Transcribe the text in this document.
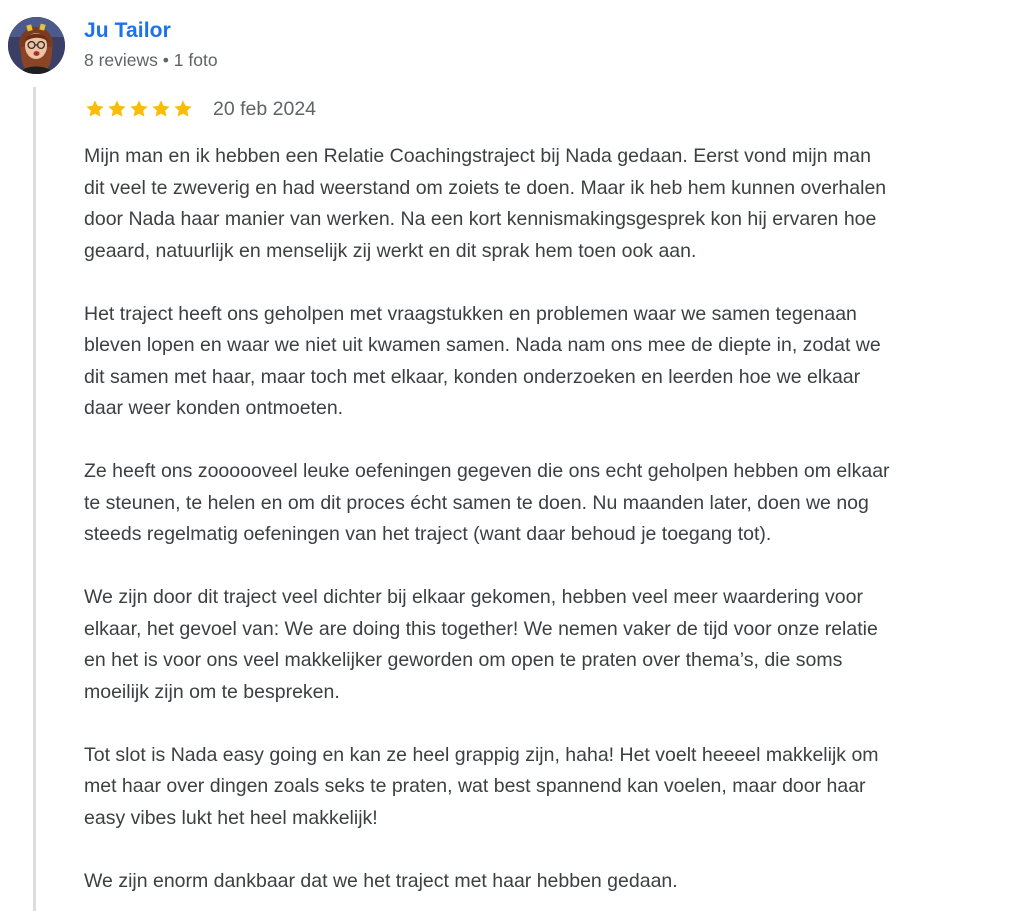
Ju Tailor
8 reviews • 1 foto
20 feb 2024

Mijn man en ik hebben een Relatie Coachingstraject bij Nada gedaan. Eerst vond mijn man
dit veel te zweverig en had weerstand om zoiets te doen. Maar ik heb hem kunnen overhalen
door Nada haar manier van werken. Na een kort kennismakingsgesprek kon hij ervaren hoe
geaard, natuurlijk en menselijk zij werkt en dit sprak hem toen ook aan.

Het traject heeft ons geholpen met vraagstukken en problemen waar we samen tegenaan
bleven lopen en waar we niet uit kwamen samen. Nada nam ons mee de diepte in, zodat we
dit samen met haar, maar toch met elkaar, konden onderzoeken en leerden hoe we elkaar
daar weer konden ontmoeten.

Ze heeft ons zoooooveel leuke oefeningen gegeven die ons echt geholpen hebben om elkaar
te steunen, te helen en om dit proces écht samen te doen. Nu maanden later, doen we nog
steeds regelmatig oefeningen van het traject (want daar behoud je toegang tot).

We zijn door dit traject veel dichter bij elkaar gekomen, hebben veel meer waardering voor
elkaar, het gevoel van: We are doing this together! We nemen vaker de tijd voor onze relatie
en het is voor ons veel makkelijker geworden om open te praten over thema’s, die soms
moeilijk zijn om te bespreken.

Tot slot is Nada easy going en kan ze heel grappig zijn, haha! Het voelt heeeel makkelijk om
met haar over dingen zoals seks te praten, wat best spannend kan voelen, maar door haar
easy vibes lukt het heel makkelijk!

We zijn enorm dankbaar dat we het traject met haar hebben gedaan.
